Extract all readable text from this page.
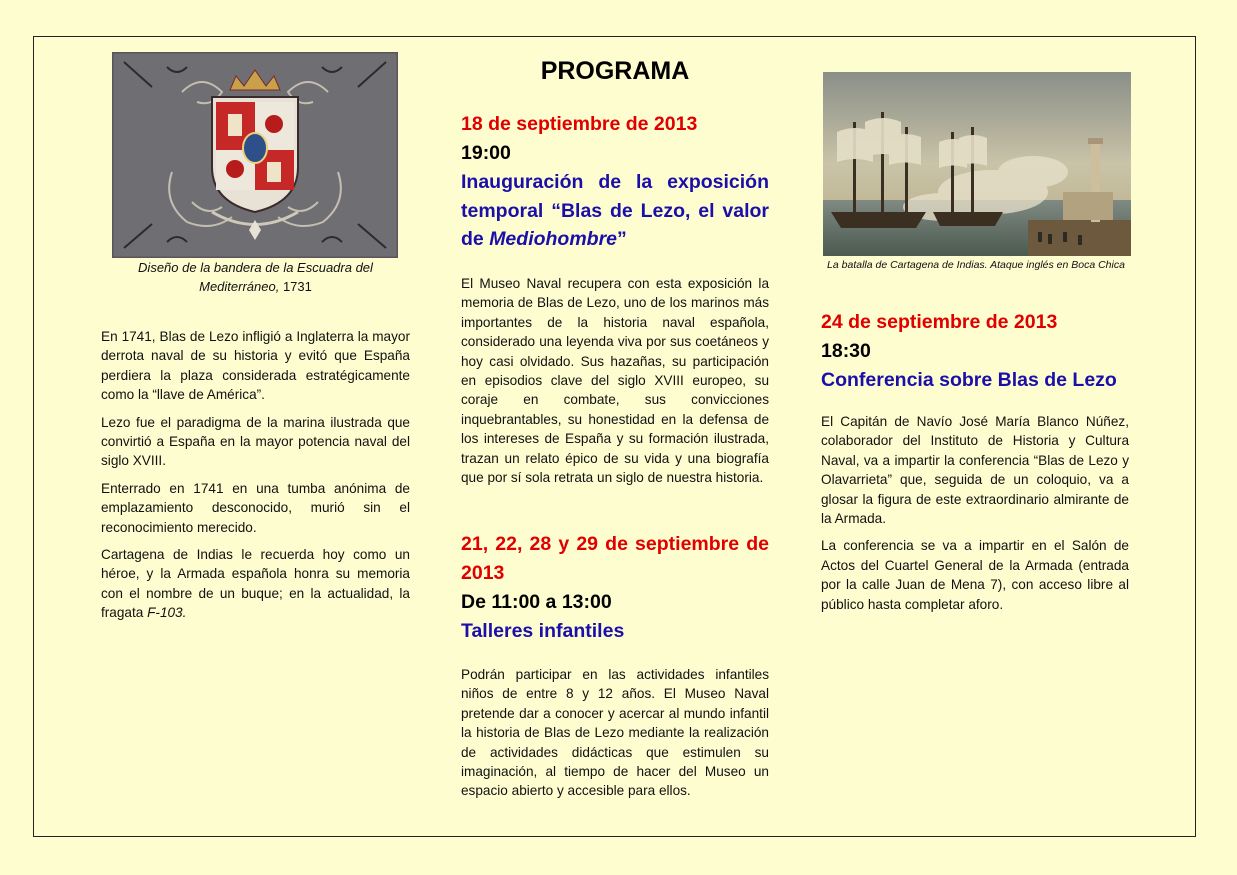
Diseño de la bandera de la Escuadra del Mediterráneo, 1731

En 1741, Blas de Lezo infligió a Inglaterra la mayor derrota naval de su historia y evitó que España perdiera la plaza considerada estratégicamente como la “llave de América”.

Lezo fue el paradigma de la marina ilustrada que convirtió a España en la mayor potencia naval del siglo XVIII.

Enterrado en 1741 en una tumba anónima de emplazamiento desconocido, murió sin el reconocimiento merecido.

Cartagena de Indias le recuerda hoy como un héroe, y la Armada española honra su memoria con el nombre de un buque; en la actualidad, la fragata F-103.

PROGRAMA

18 de septiembre de 2013

19:00

Inauguración de la exposición temporal “Blas de Lezo, el valor de Mediohombre”

El Museo Naval recupera con esta exposición la memoria de Blas de Lezo, uno de los marinos más importantes de la historia naval española, considerado una leyenda viva por sus coetáneos y hoy casi olvidado. Sus hazañas, su participación en episodios clave del siglo XVIII europeo, su coraje en combate, sus convicciones inquebrantables, su honestidad en la defensa de los intereses de España y su formación ilustrada, trazan un relato épico de su vida y una biografía que por sí sola retrata un siglo de nuestra historia.

21, 22, 28 y 29 de septiembre de 2013

De 11:00 a 13:00

Talleres infantiles

Podrán participar en las actividades infantiles niños de entre 8 y 12 años. El Museo Naval pretende dar a conocer y acercar al mundo infantil la historia de Blas de Lezo mediante la realización de actividades didácticas que estimulen su imaginación, al tiempo de hacer del Museo un espacio abierto y accesible para ellos.

La batalla de Cartagena de Indias. Ataque inglés en Boca Chica

24 de septiembre de 2013

18:30

Conferencia sobre Blas de Lezo

El Capitán de Navío José María Blanco Núñez, colaborador del Instituto de Historia y Cultura Naval, va a impartir la conferencia “Blas de Lezo y Olavarrieta” que, seguida de un coloquio, va a glosar la figura de este extraordinario almirante de la Armada.

La conferencia se va a impartir en el Salón de Actos del Cuartel General de la Armada (entrada por la calle Juan de Mena 7), con acceso libre al público hasta completar aforo.
